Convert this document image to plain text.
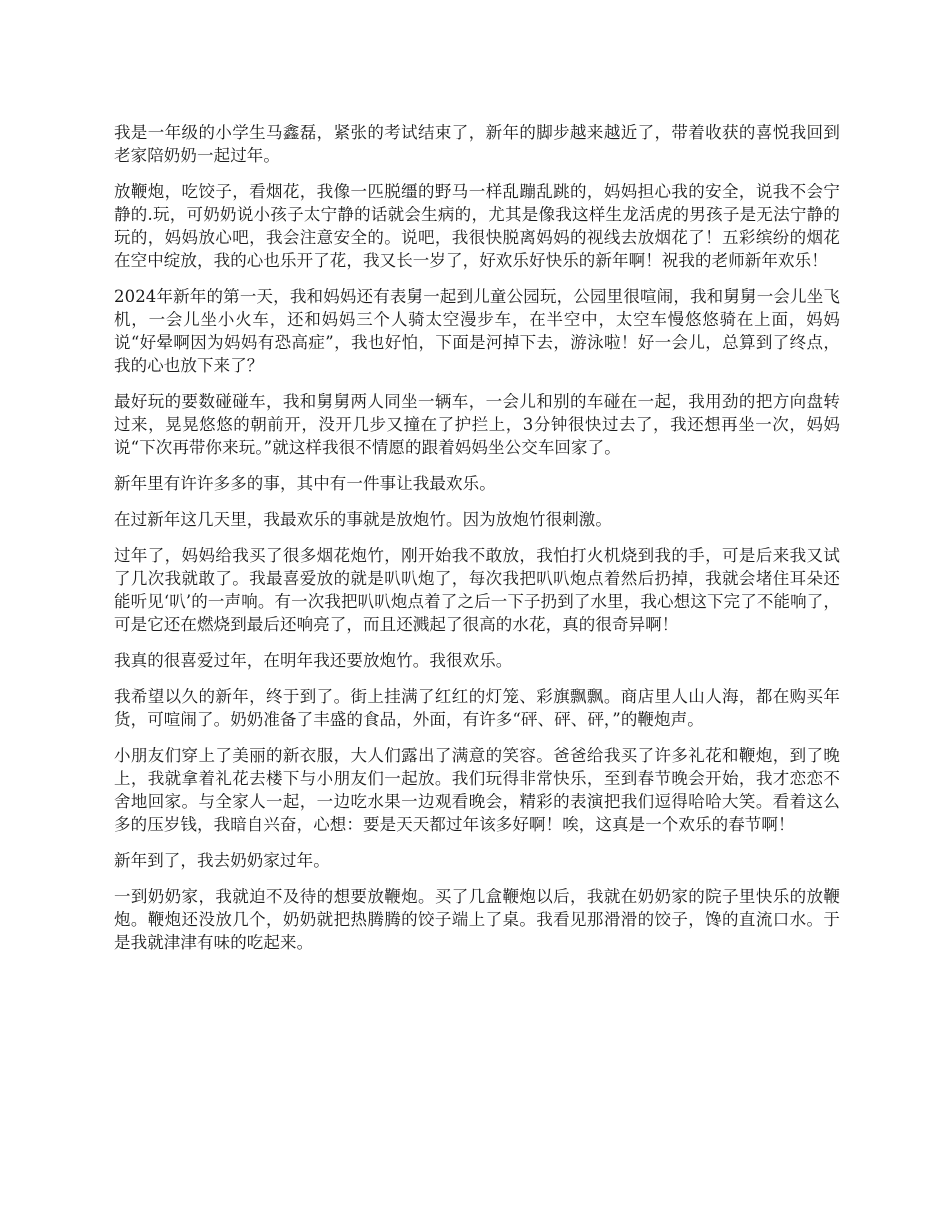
我是一年级的小学生马鑫磊，紧张的考试结束了，新年的脚步越来越近了，带着收获的喜悦我回到老家陪奶奶一起过年。

放鞭炮，吃饺子，看烟花，我像一匹脱缰的野马一样乱蹦乱跳的，妈妈担心我的安全，说我不会宁静的.玩，可奶奶说小孩子太宁静的话就会生病的，尤其是像我这样生龙活虎的男孩子是无法宁静的玩的，妈妈放心吧，我会注意安全的。说吧，我很快脱离妈妈的视线去放烟花了！五彩缤纷的烟花在空中绽放，我的心也乐开了花，我又长一岁了，好欢乐好快乐的新年啊！祝我的老师新年欢乐！

2024年新年的第一天，我和妈妈还有表舅一起到儿童公园玩，公园里很喧闹，我和舅舅一会儿坐飞机，一会儿坐小火车，还和妈妈三个人骑太空漫步车，在半空中，太空车慢悠悠骑在上面，妈妈说“好晕啊因为妈妈有恐高症”，我也好怕，下面是河掉下去，游泳啦！好一会儿，总算到了终点，我的心也放下来了？

最好玩的要数碰碰车，我和舅舅两人同坐一辆车，一会儿和别的车碰在一起，我用劲的把方向盘转过来，晃晃悠悠的朝前开，没开几步又撞在了护拦上，3分钟很快过去了，我还想再坐一次，妈妈说“下次再带你来玩。”就这样我很不情愿的跟着妈妈坐公交车回家了。

新年里有许许多多的事，其中有一件事让我最欢乐。

在过新年这几天里，我最欢乐的事就是放炮竹。因为放炮竹很刺激。

过年了，妈妈给我买了很多烟花炮竹，刚开始我不敢放，我怕打火机烧到我的手，可是后来我又试了几次我就敢了。我最喜爱放的就是叭叭炮了，每次我把叭叭炮点着然后扔掉，我就会堵住耳朵还能听见‘叭’的一声响。有一次我把叭叭炮点着了之后一下子扔到了水里，我心想这下完了不能响了，可是它还在燃烧到最后还响亮了，而且还溅起了很高的水花，真的很奇异啊！

我真的很喜爱过年，在明年我还要放炮竹。我很欢乐。

我希望以久的新年，终于到了。街上挂满了红红的灯笼、彩旗飘飘。商店里人山人海，都在购买年货，可喧闹了。奶奶准备了丰盛的食品，外面，有许多“砰、砰、砰，”的鞭炮声。

小朋友们穿上了美丽的新衣服，大人们露出了满意的笑容。爸爸给我买了许多礼花和鞭炮，到了晚上，我就拿着礼花去楼下与小朋友们一起放。我们玩得非常快乐，至到春节晚会开始，我才恋恋不舍地回家。与全家人一起，一边吃水果一边观看晚会，精彩的表演把我们逗得哈哈大笑。看着这么多的压岁钱，我暗自兴奋，心想：要是天天都过年该多好啊！唉，这真是一个欢乐的春节啊！

新年到了，我去奶奶家过年。

一到奶奶家，我就迫不及待的想要放鞭炮。买了几盒鞭炮以后，我就在奶奶家的院子里快乐的放鞭炮。鞭炮还没放几个，奶奶就把热腾腾的饺子端上了桌。我看见那滑滑的饺子，馋的直流口水。于是我就津津有味的吃起来。
